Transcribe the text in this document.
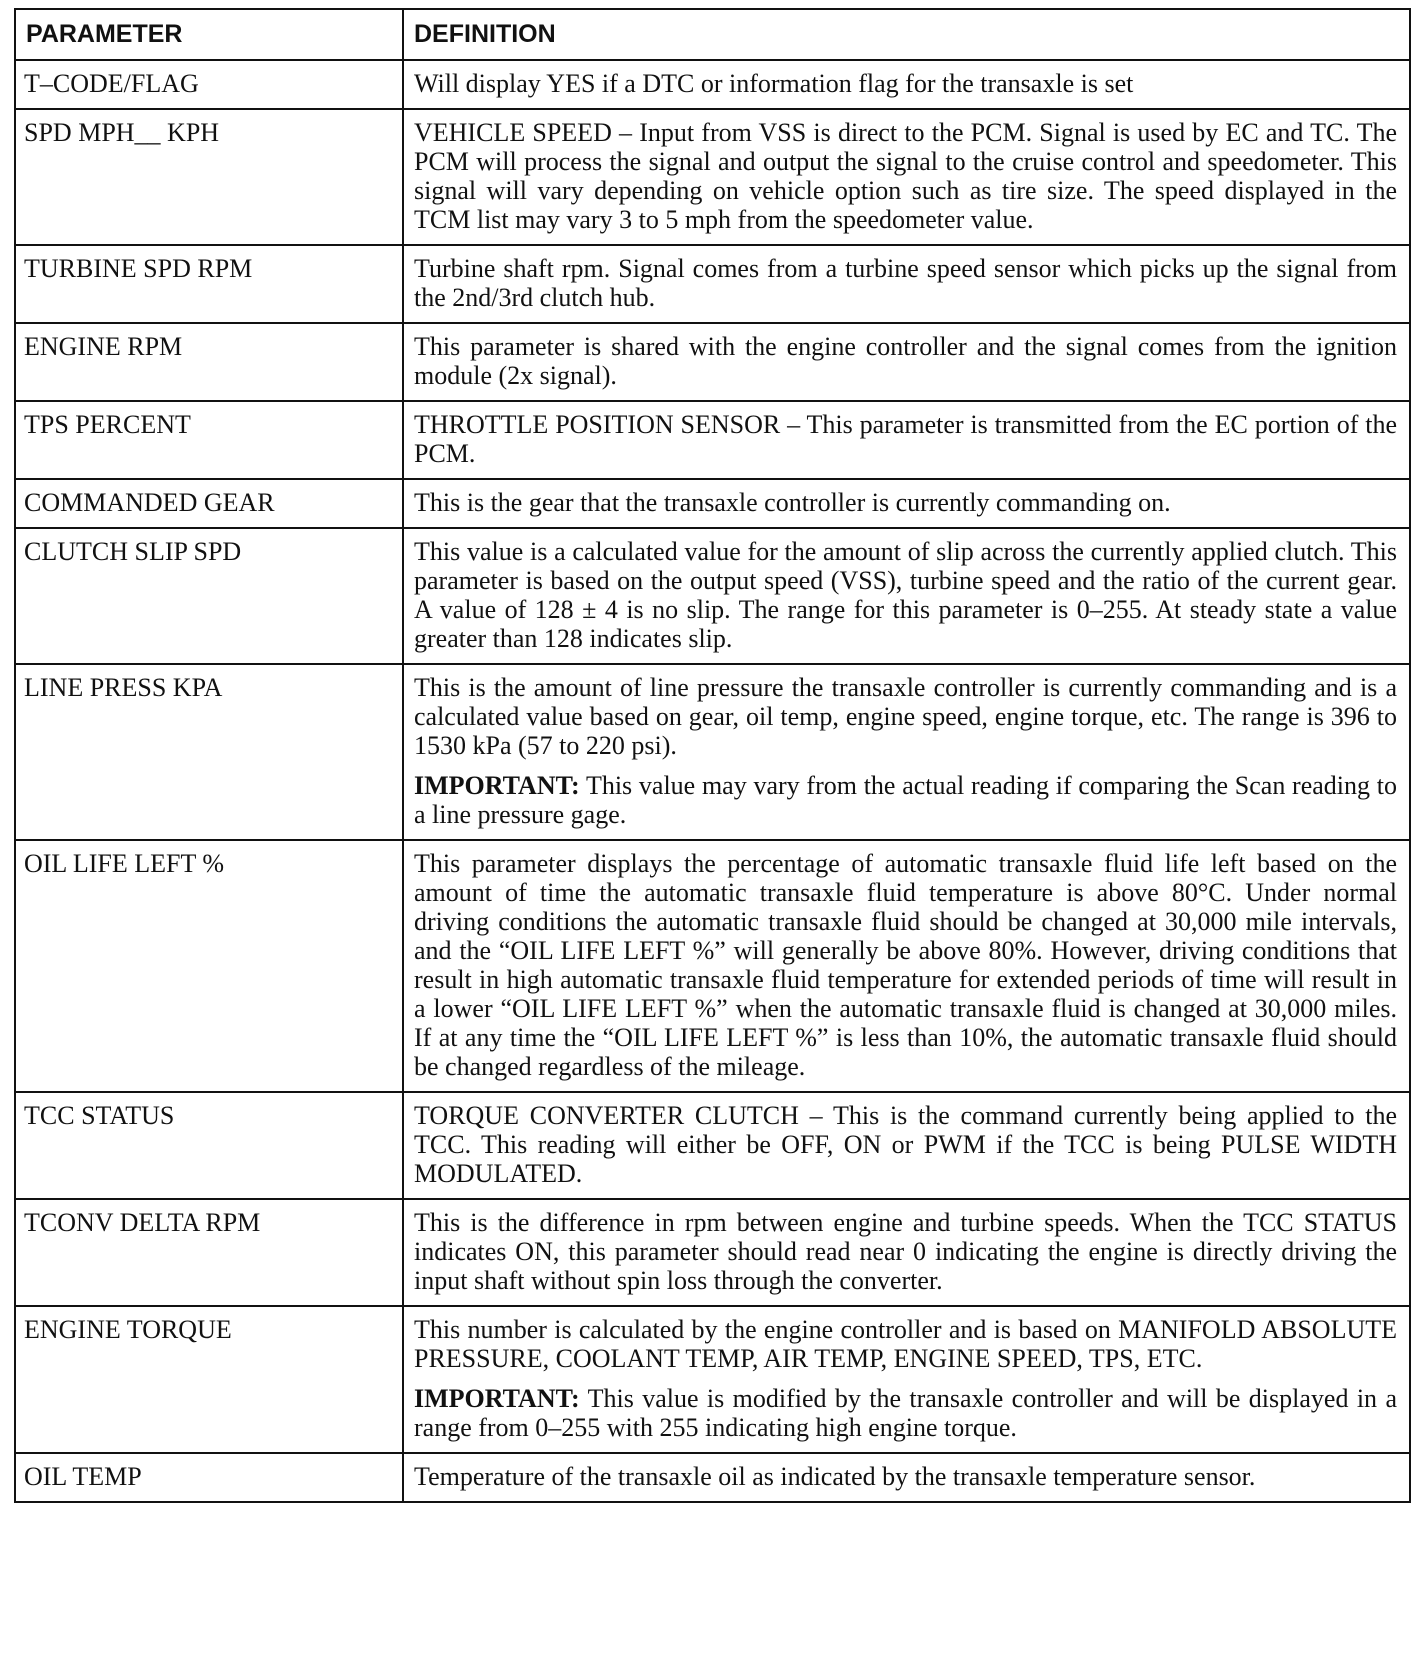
PARAMETER	DEFINITION
T–CODE/FLAG	Will display YES if a DTC or information flag for the transaxle is set

SPD MPH__ KPH	VEHICLE SPEED – Input from VSS is direct to the PCM. Signal is used by EC and TC. The PCM will process the signal and output the signal to the cruise control and speedometer. This signal will vary depending on vehicle option such as tire size. The speed displayed in the TCM list may vary 3 to 5 mph from the speedometer value.

TURBINE SPD RPM	Turbine shaft rpm. Signal comes from a turbine speed sensor which picks up the signal from the 2nd/3rd clutch hub.

ENGINE RPM	This parameter is shared with the engine controller and the signal comes from the ignition module (2x signal).

TPS PERCENT	THROTTLE POSITION SENSOR – This parameter is transmitted from the EC portion of the PCM.

COMMANDED GEAR	This is the gear that the transaxle controller is currently commanding on.

CLUTCH SLIP SPD	This value is a calculated value for the amount of slip across the currently applied clutch. This parameter is based on the output speed (VSS), turbine speed and the ratio of the current gear. A value of 128 ± 4 is no slip. The range for this parameter is 0–255. At steady state a value greater than 128 indicates slip.

LINE PRESS KPA	This is the amount of line pressure the transaxle controller is currently commanding and is a calculated value based on gear, oil temp, engine speed, engine torque, etc. The range is 396 to 1530 kPa (57 to 220 psi).

IMPORTANT: This value may vary from the actual reading if comparing the Scan reading to a line pressure gage.

OIL LIFE LEFT %	This parameter displays the percentage of automatic transaxle fluid life left based on the amount of time the automatic transaxle fluid temperature is above 80°C. Under normal driving conditions the automatic transaxle fluid should be changed at 30,000 mile intervals, and the “OIL LIFE LEFT %” will generally be above 80%. However, driving conditions that result in high automatic transaxle fluid temperature for extended periods of time will result in a lower “OIL LIFE LEFT %” when the automatic transaxle fluid is changed at 30,000 miles. If at any time the “OIL LIFE LEFT %” is less than 10%, the automatic transaxle fluid should be changed regardless of the mileage.

TCC STATUS	TORQUE CONVERTER CLUTCH – This is the command currently being applied to the TCC. This reading will either be OFF, ON or PWM if the TCC is being PULSE WIDTH MODULATED.

TCONV DELTA RPM	This is the difference in rpm between engine and turbine speeds. When the TCC STATUS indicates ON, this parameter should read near 0 indicating the engine is directly driving the input shaft without spin loss through the converter.

ENGINE TORQUE	This number is calculated by the engine controller and is based on MANIFOLD ABSOLUTE PRESSURE, COOLANT TEMP, AIR TEMP, ENGINE SPEED, TPS, ETC.

IMPORTANT: This value is modified by the transaxle controller and will be displayed in a range from 0–255 with 255 indicating high engine torque.

OIL TEMP	Temperature of the transaxle oil as indicated by the transaxle temperature sensor.
